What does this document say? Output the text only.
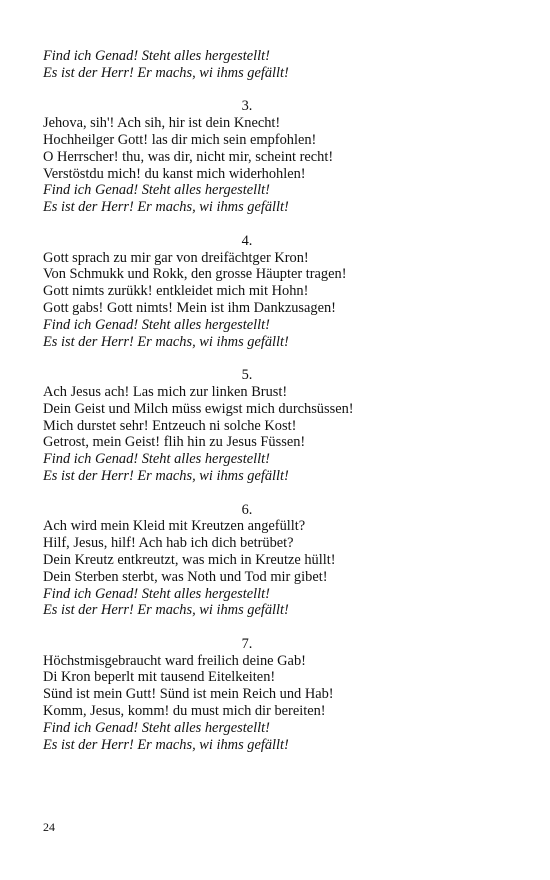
Find ich Genad! Steht alles hergestellt!
Es ist der Herr! Er machs, wi ihms gefällt!
3.
Jehova, sih'! Ach sih, hir ist dein Knecht!
Hochheilger Gott! las dir mich sein empfohlen!
O Herrscher! thu, was dir, nicht mir, scheint recht!
Verstöstdu mich! du kanst mich widerhohlen!
Find ich Genad! Steht alles hergestellt!
Es ist der Herr! Er machs, wi ihms gefällt!
4.
Gott sprach zu mir gar von dreifächtger Kron!
Von Schmukk und Rokk, den grosse Häupter tragen!
Gott nimts zurükk! entkleidet mich mit Hohn!
Gott gabs! Gott nimts! Mein ist ihm Dankzusagen!
Find ich Genad! Steht alles hergestellt!
Es ist der Herr! Er machs, wi ihms gefällt!
5.
Ach Jesus ach! Las mich zur linken Brust!
Dein Geist und Milch müss ewigst mich durchsüssen!
Mich durstet sehr! Entzeuch ni solche Kost!
Getrost, mein Geist! flih hin zu Jesus Füssen!
Find ich Genad! Steht alles hergestellt!
Es ist der Herr! Er machs, wi ihms gefällt!
6.
Ach wird mein Kleid mit Kreutzen angefüllt?
Hilf, Jesus, hilf! Ach hab ich dich betrübet?
Dein Kreutz entkreutzt, was mich in Kreutze hüllt!
Dein Sterben sterbt, was Noth und Tod mir gibet!
Find ich Genad! Steht alles hergestellt!
Es ist der Herr! Er machs, wi ihms gefällt!
7.
Höchstmisgebraucht ward freilich deine Gab!
Di Kron beperlt mit tausend Eitelkeiten!
Sünd ist mein Gutt! Sünd ist mein Reich und Hab!
Komm, Jesus, komm! du must mich dir bereiten!
Find ich Genad! Steht alles hergestellt!
Es ist der Herr! Er machs, wi ihms gefällt!
24
